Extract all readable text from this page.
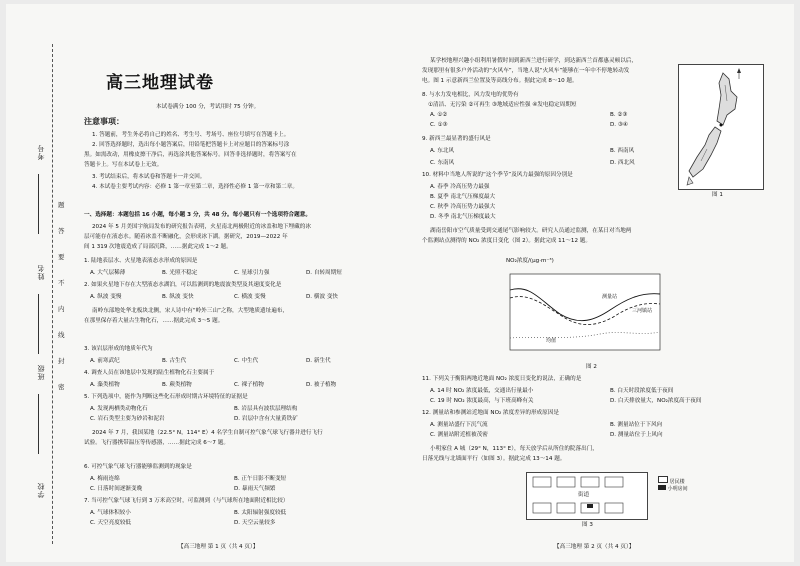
考号
姓名
班级
学校
题
答
要
不
内
线
封
密
高三地理试卷
本试卷满分 100 分，考试用时 75 分钟。
注意事项：
1. 答题前，考生务必将自己的姓名、考生号、考场号、座位号填写在答题卡上。
2. 回答选择题时，选出每小题答案后，用铅笔把答题卡上对应题目的答案标号涂
黑。如需改动，用橡皮擦干净后，再选涂其他答案标号。回答非选择题时，将答案写在
答题卡上。写在本试卷上无效。
3. 考试结束后，将本试卷和答题卡一并交回。
4. 本试卷主要考试内容：必修 1 第一章至第二章，选择性必修 1 第一章和第二章。
一、选择题：本题包括 16 小题，每小题 3 分，共 48 分。每小题只有一个选项符合题意。
2024 年 5 月美国宇航局发布的研究报告表明，火星南北两极附近的冰盖和地下埋藏的冰
层可能存在液态水。随着冰盖不断融化，会形成冰下湖。据研究，2019—2022 年
间 1 319 次地震造成了局部沉降，……据此完成 1～2 题。
1. 陆地表层水、火星地表液态水形成的原因是
A. 大气层稀薄	B. 光照不稳定	C. 星球引力强	D. 自转周期短
2. 如果火星地下存在大型液态水湖泊，可以监测到的地震波类型及其速度变化是
A. 纵波 变慢	B. 纵波 变快	C. 横波 变慢	D. 横波 变快
南岭东部地处华北板块北侧，宋人诗中有“岭外三山”之称，大型地质遗址遍布，
在那里保存着大量古生物化石，……据此完成 3～5 题。
3. 该岩层形成的地质年代为
A. 前寒武纪	B. 古生代	C. 中生代	D. 新生代
4. 调查人员在该地层中发现的陆生植物化石主要属于
A. 藻类植物	B. 蕨类植物	C. 裸子植物	D. 被子植物
5. 下列选项中，能作为判断这些化石形成时期古环境特征的证据是
A. 发现两栖类动物化石	B. 岩层具有波状层理结构
C. 岩石类型主要为砂岩和泥岩	D. 岩层中含有大量黄铁矿
2024 年 7 月，我国某地（22.5° N，114° E）4 名学生自制可控气象气球飞行器并进行飞行
试验。飞行器携带温压等传感器，……据此完成 6～7 题。
6. 可控气象气球飞行器能够监测到的现象是
A. 梅雨连绵	B. 正午日影不断变短
C. 日落时间逐渐变晚	D. 暴雨天气频繁
7. 当可控气象气球飞行到 3 万米高空时，可监测到（与气球所在地面附近相比较）
A. 气球体积较小	B. 太阳辐射强度较低
C. 天空亮度较低	D. 天空云量较多
【高三地理 第 1 页（共 4 页）】
某学校地理兴趣小组利用暑假时间到新西兰进行研学，到达新西兰首都惠灵顿以后，
发现那里有很多户外活动的“火风车”，当地人说“火风车”能够在一年中不停地转动发
电。图 1 示意新西兰位置及等高线分布。据此完成 8～10 题。
8. 与水力发电相比，风力发电的优势有
①清洁、无污染 ②可再生 ③地域适应性强 ④发电稳定周期短
A. ①②	B. ②③
C. ①③	D. ③④
9. 新西兰最显著的盛行风是
A. 东北风	B. 西南风
C. 东南风	D. 西北风
10. 材料中当地人所说的“这个季节”及风力最强的原因分别是
A. 春季 冷高压势力最强
B. 夏季 南北气压梯度最大
C. 秋季 冷高压势力最强大
D. 冬季 南北气压梯度最大
图 1
湖南岳阳市空气质量受到交通尾气影响较大。研究人员通过监测，在某日对当地两
个监测站点测得的 NO₂ 浓度日变化（图 2）。据此完成 11～12 题。
NO₂浓度/(μg·m⁻³)
测量站
三河镇站
均值
图 2
11. 下列关于衡阳两地近地面 NO₂ 浓度日变化的说法，正确的是
A. 14 时 NO₂ 浓度最低，交通出行量最小	B. 白天时段浓度低于夜间
C. 19 时 NO₂ 浓度最高，与下班高峰有关	D. 白天排放量大，NO₂浓度高于夜间
12. 测量站和参测站近地面 NO₂ 浓度差异的形成原因是
A. 测量站盛行下沉气流	B. 测量站位于下风向
C. 测量站附近植被茂密	D. 测量站位于上风向
小明家住 A 城（29° N，113° E），每天放学后从所住的院落出门，
日落光线与北墙面平行（如图 3）。据此完成 13～14 题。
街道
居民楼
小明房间
图 3
【高三地理 第 2 页（共 4 页）】
